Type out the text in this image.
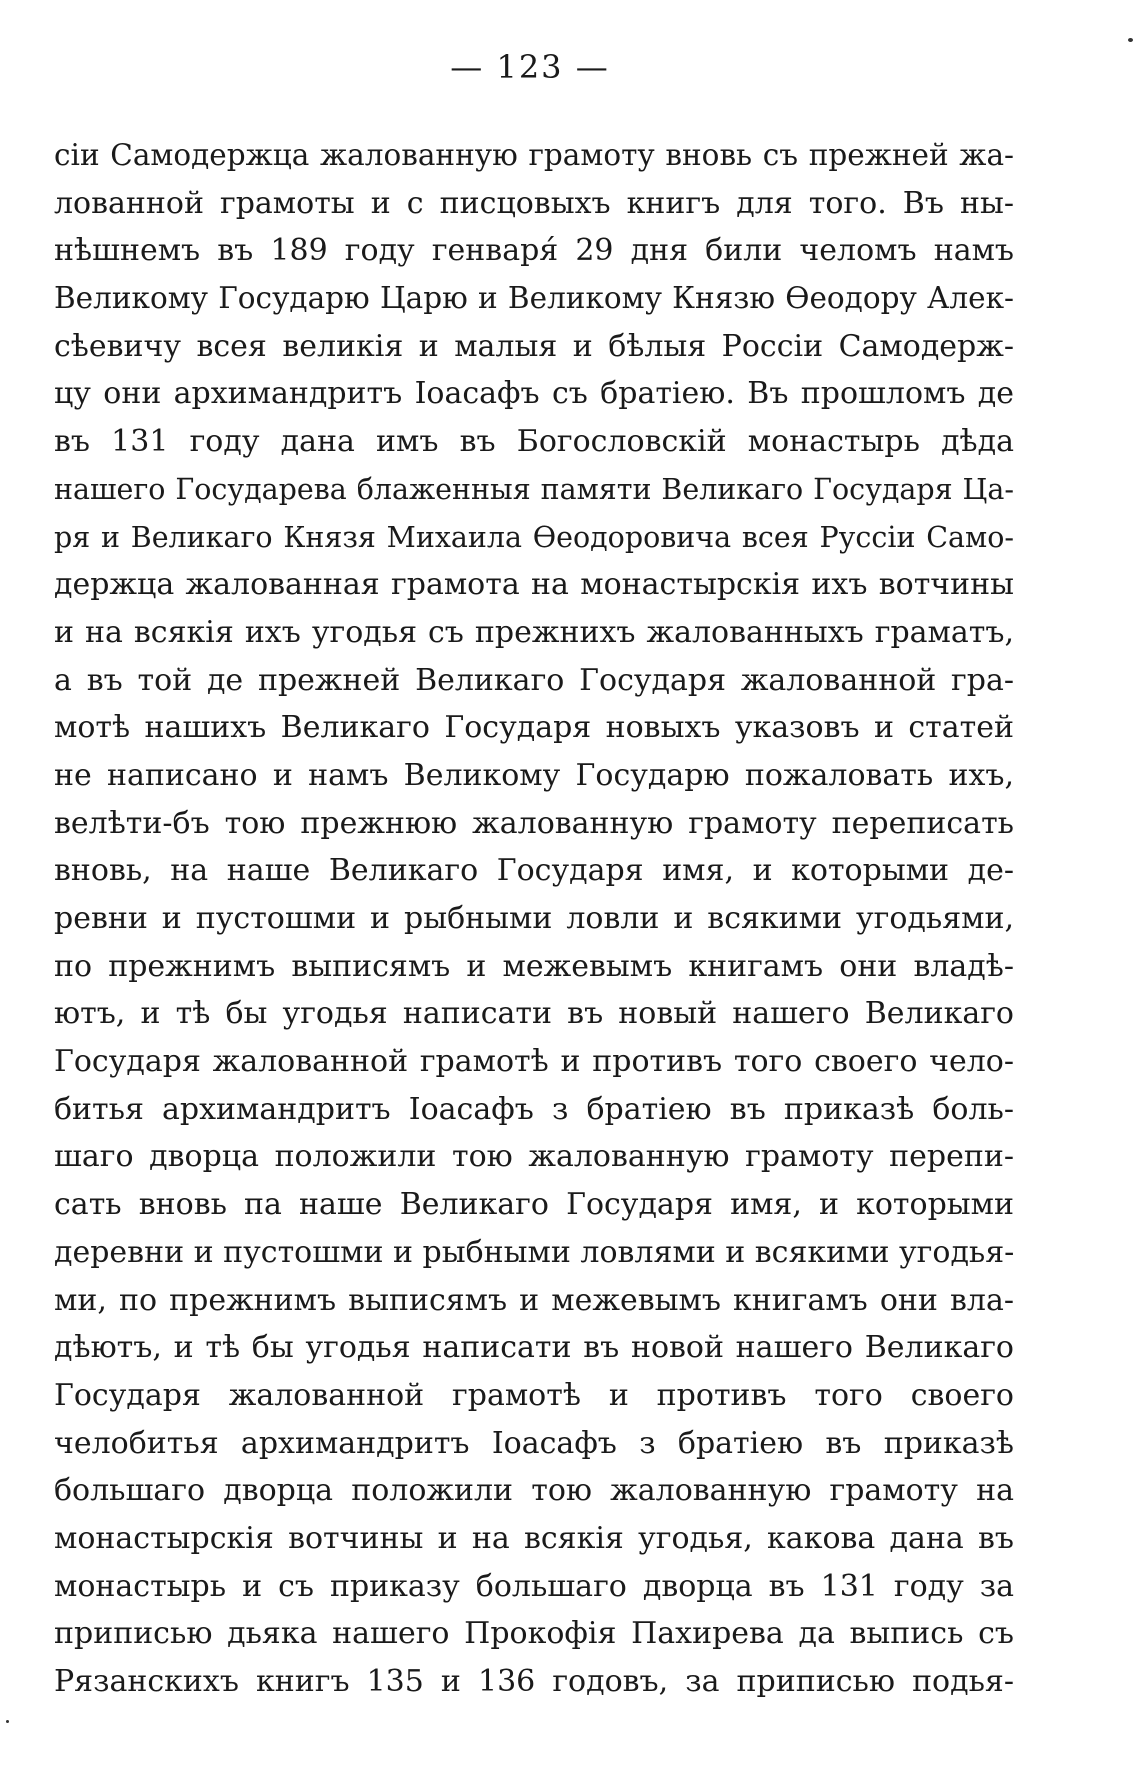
— 123 —
сiи Самодержца жалованную грамоту вновь съ прежней жа-
лованной грамоты и с писцовыхъ книгъ для того. Въ ны-
нѣшнемъ въ 189 году генваря́ 29 дня били челомъ намъ
Великому Государю Царю и Великому Князю Ѳеодору Алек-
сѣевичу всея великiя и малыя и бѣлыя Россiи Самодерж-
цу они архимандритъ Iоасафъ съ братiею. Въ прошломъ де
въ 131 году дана имъ въ Богословскiй монастырь дѣда
нашего Государева блаженныя памяти Великаго Государя Ца-
ря и Великаго Князя Михаила Ѳеодоровича всея Руссiи Само-
держца жалованная грамота на монастырскiя ихъ вотчины
и на всякiя ихъ угодья съ прежнихъ жалованныхъ граматъ,
а въ той де прежней Великаго Государя жалованной гра-
мотѣ нашихъ Великаго Государя новыхъ указовъ и статей
не написано и намъ Великому Государю пожаловать ихъ,
велѣти-бъ тою прежнюю жалованную грамоту переписать
вновь, на наше Великаго Государя имя, и которыми де-
ревни и пустошми и рыбными ловли и всякими угодьями,
по прежнимъ выписямъ и межевымъ книгамъ они владѣ-
ютъ, и тѣ бы угодья написати въ новый нашего Великаго
Государя жалованной грамотѣ и противъ того своего чело-
битья архимандритъ Iоасафъ з братiею въ приказѣ боль-
шаго дворца положили тою жалованную грамоту перепи-
сать вновь па наше Великаго Государя имя, и которыми
деревни и пустошми и рыбными ловлями и всякими угодья-
ми, по прежнимъ выписямъ и межевымъ книгамъ они вла-
дѣютъ, и тѣ бы угодья написати въ новой нашего Великаго
Государя жалованной грамотѣ и противъ того своего
челобитья архимандритъ Iоасафъ з братiею въ приказѣ
большаго дворца положили тою жалованную грамоту на
монастырскiя вотчины и на всякiя угодья, какова дана въ
монастырь и съ приказу большаго дворца въ 131 году за
приписью дьяка нашего Прокофiя Пахирева да выпись съ
Рязанскихъ книгъ 135 и 136 годовъ, за приписью подья-
